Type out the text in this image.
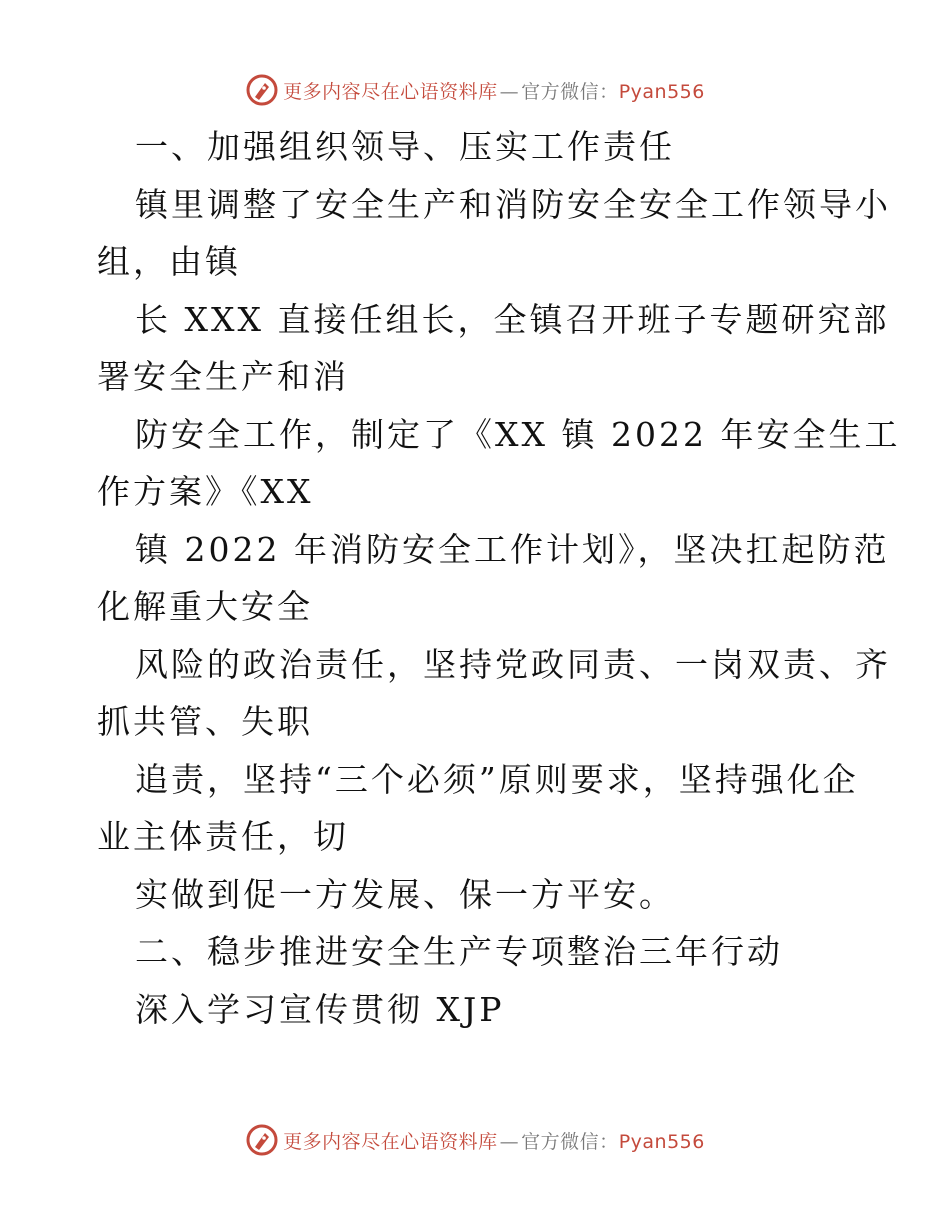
更多内容尽在心语资料库 — 官方微信：Pyan556
一、加强组织领导、压实工作责任
镇里调整了安全生产和消防安全安全工作领导小
组，由镇
长 XXX 直接任组长，全镇召开班子专题研究部
署安全生产和消
防安全工作，制定了《XX 镇 2022 年安全生工
作方案》《XX
镇 2022 年消防安全工作计划》，坚决扛起防范
化解重大安全
风险的政治责任，坚持党政同责、一岗双责、齐
抓共管、失职
追责，坚持“三个必须”原则要求，坚持强化企
业主体责任，切
实做到促一方发展、保一方平安。
二、稳步推进安全生产专项整治三年行动
深入学习宣传贯彻 XJP
更多内容尽在心语资料库 — 官方微信：Pyan556
